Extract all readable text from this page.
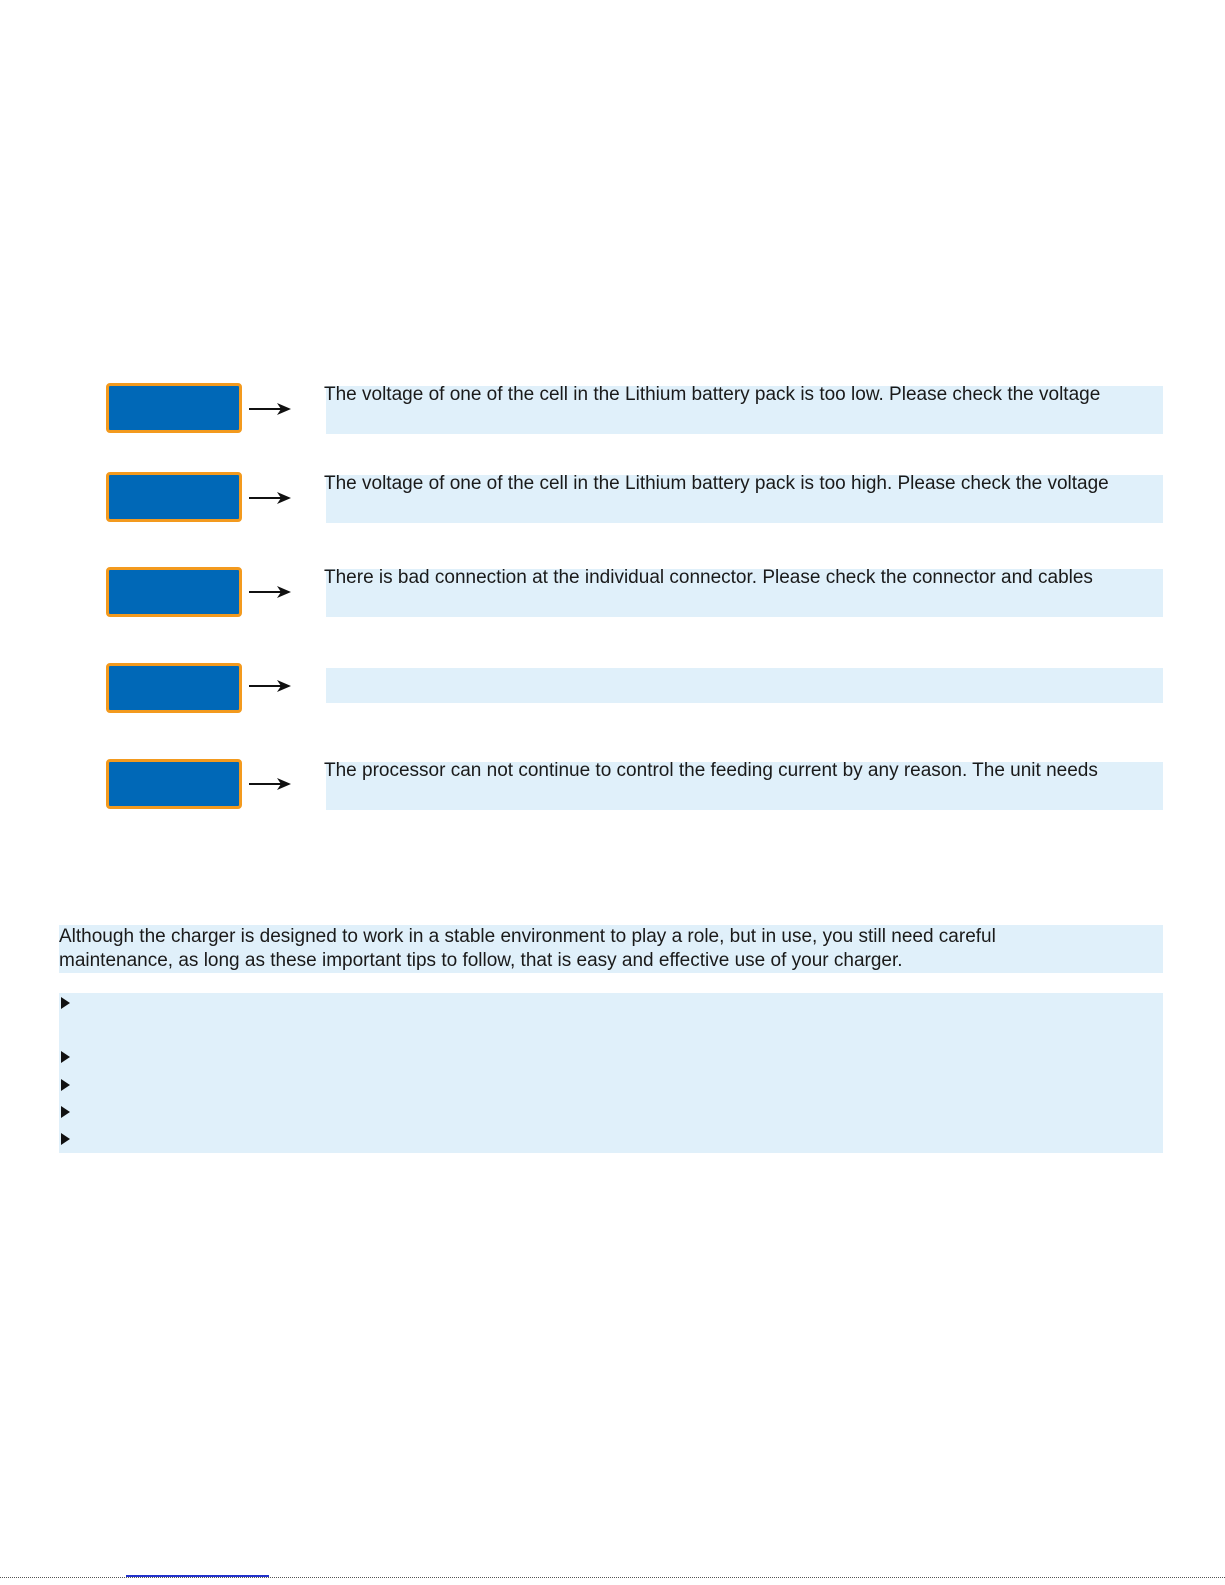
The voltage of one of the cell in the Lithium battery pack is too low. Please check the voltage
The voltage of one of the cell in the Lithium battery pack is too high. Please check the voltage
There is bad connection at the individual connector. Please check the connector and cables
The processor can not continue to control the feeding current by any reason. The unit needs

Although the charger is designed to work in a stable environment to play a role, but in use, you still need careful

maintenance, as long as these important tips to follow, that is easy and effective use of your charger.
